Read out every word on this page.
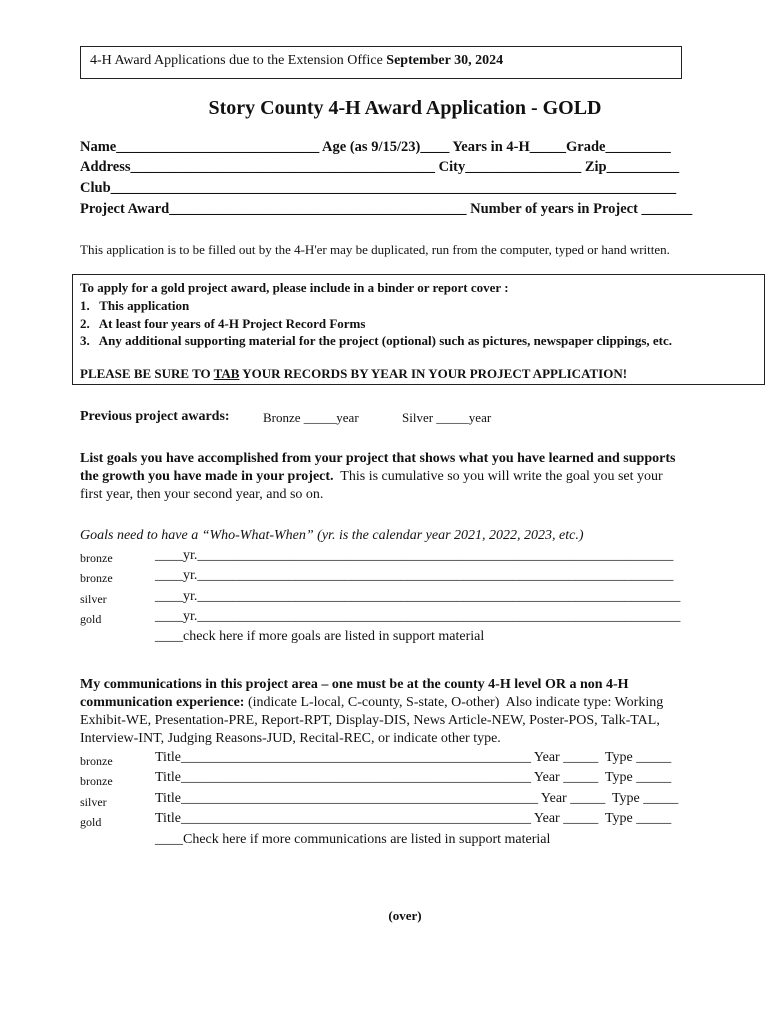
4-H Award Applications due to the Extension Office September 30, 2024
Story County 4-H Award Application - GOLD
Name____________________________ Age (as 9/15/23)____ Years in 4-H_____Grade_________
Address__________________________________________ City________________ Zip__________
Club______________________________________________________________________________
Project Award_________________________________________ Number of years in Project _______
This application is to be filled out by the 4-H'er may be duplicated, run from the computer, typed or hand written.
To apply for a gold project award, please include in a binder or report cover :
1.   This application
2.   At least four years of 4-H Project Record Forms
3.   Any additional supporting material for the project (optional) such as pictures, newspaper clippings, etc.
PLEASE BE SURE TO TAB YOUR RECORDS BY YEAR IN YOUR PROJECT APPLICATION!
Previous project awards:	Bronze _____year	Silver _____year
List goals you have accomplished from your project that shows what you have learned and supports
the growth you have made in your project.  This is cumulative so you will write the goal you set your
first year, then your second year, and so on.
Goals need to have a “Who-What-When” (yr. is the calendar year 2021, 2022, 2023, etc.)
bronze	____yr.____________________________________________________________________
bronze	____yr.____________________________________________________________________
silver	____yr._____________________________________________________________________
gold	____yr._____________________________________________________________________
____check here if more goals are listed in support material
My communications in this project area – one must be at the county 4-H level OR a non 4-H
communication experience: (indicate L-local, C-county, S-state, O-other)  Also indicate type: Working
Exhibit-WE, Presentation-PRE, Report-RPT, Display-DIS, News Article-NEW, Poster-POS, Talk-TAL,
Interview-INT, Judging Reasons-JUD, Recital-REC, or indicate other type.
bronze	Title__________________________________________________ Year _____  Type _____
bronze	Title__________________________________________________ Year _____  Type _____
silver	Title___________________________________________________ Year _____  Type _____
gold	Title__________________________________________________ Year _____  Type _____
____Check here if more communications are listed in support material
(over)
